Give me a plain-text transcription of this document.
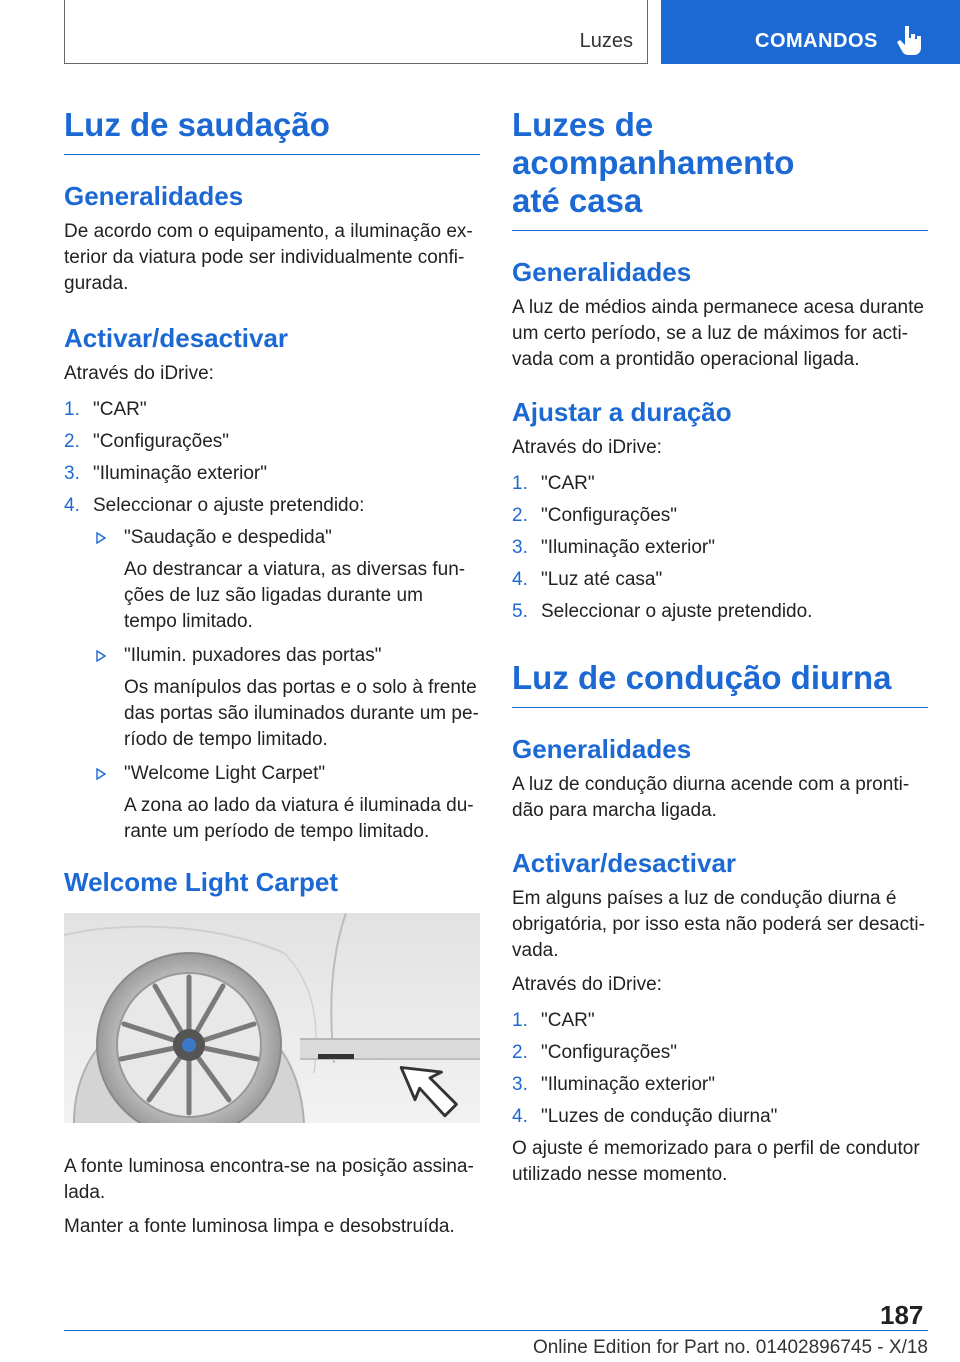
Luzes	COMANDOS
Luz de saudação
Generalidades

De acordo com o equipamento, a iluminação ex-terior da viatura pode ser individualmente confi-gurada.

Activar/desactivar

Através do iDrive:

1. "CAR"
2. "Configurações"
3. "Iluminação exterior"
4. Seleccionar o ajuste pretendido:
"Saudação e despedida"
Ao destrancar a viatura, as diversas fun-ções de luz são ligadas durante um tempo limitado.
"Ilumin. puxadores das portas"
Os manípulos das portas e o solo à frente das portas são iluminados durante um pe-ríodo de tempo limitado.
"Welcome Light Carpet"
A zona ao lado da viatura é iluminada du-rante um período de tempo limitado.
Welcome Light Carpet

A fonte luminosa encontra-se na posição assina-lada.

Manter a fonte luminosa limpa e desobstruída.

Luzes de acompanhamento
até casa
Generalidades

A luz de médios ainda permanece acesa durante um certo período, se a luz de máximos for acti-vada com a prontidão operacional ligada.

Ajustar a duração

Através do iDrive:

1. "CAR"
2. "Configurações"
3. "Iluminação exterior"
4. "Luz até casa"
5. Seleccionar o ajuste pretendido.
Luz de condução diurna
Generalidades

A luz de condução diurna acende com a pronti-dão para marcha ligada.

Activar/desactivar

Em alguns países a luz de condução diurna é obrigatória, por isso esta não poderá ser desacti-vada.

Através do iDrive:

1. "CAR"
2. "Configurações"
3. "Iluminação exterior"
4. "Luzes de condução diurna"

O ajuste é memorizado para o perfil de condutor utilizado nesse momento.

187
Online Edition for Part no. 01402896745 - X/18
